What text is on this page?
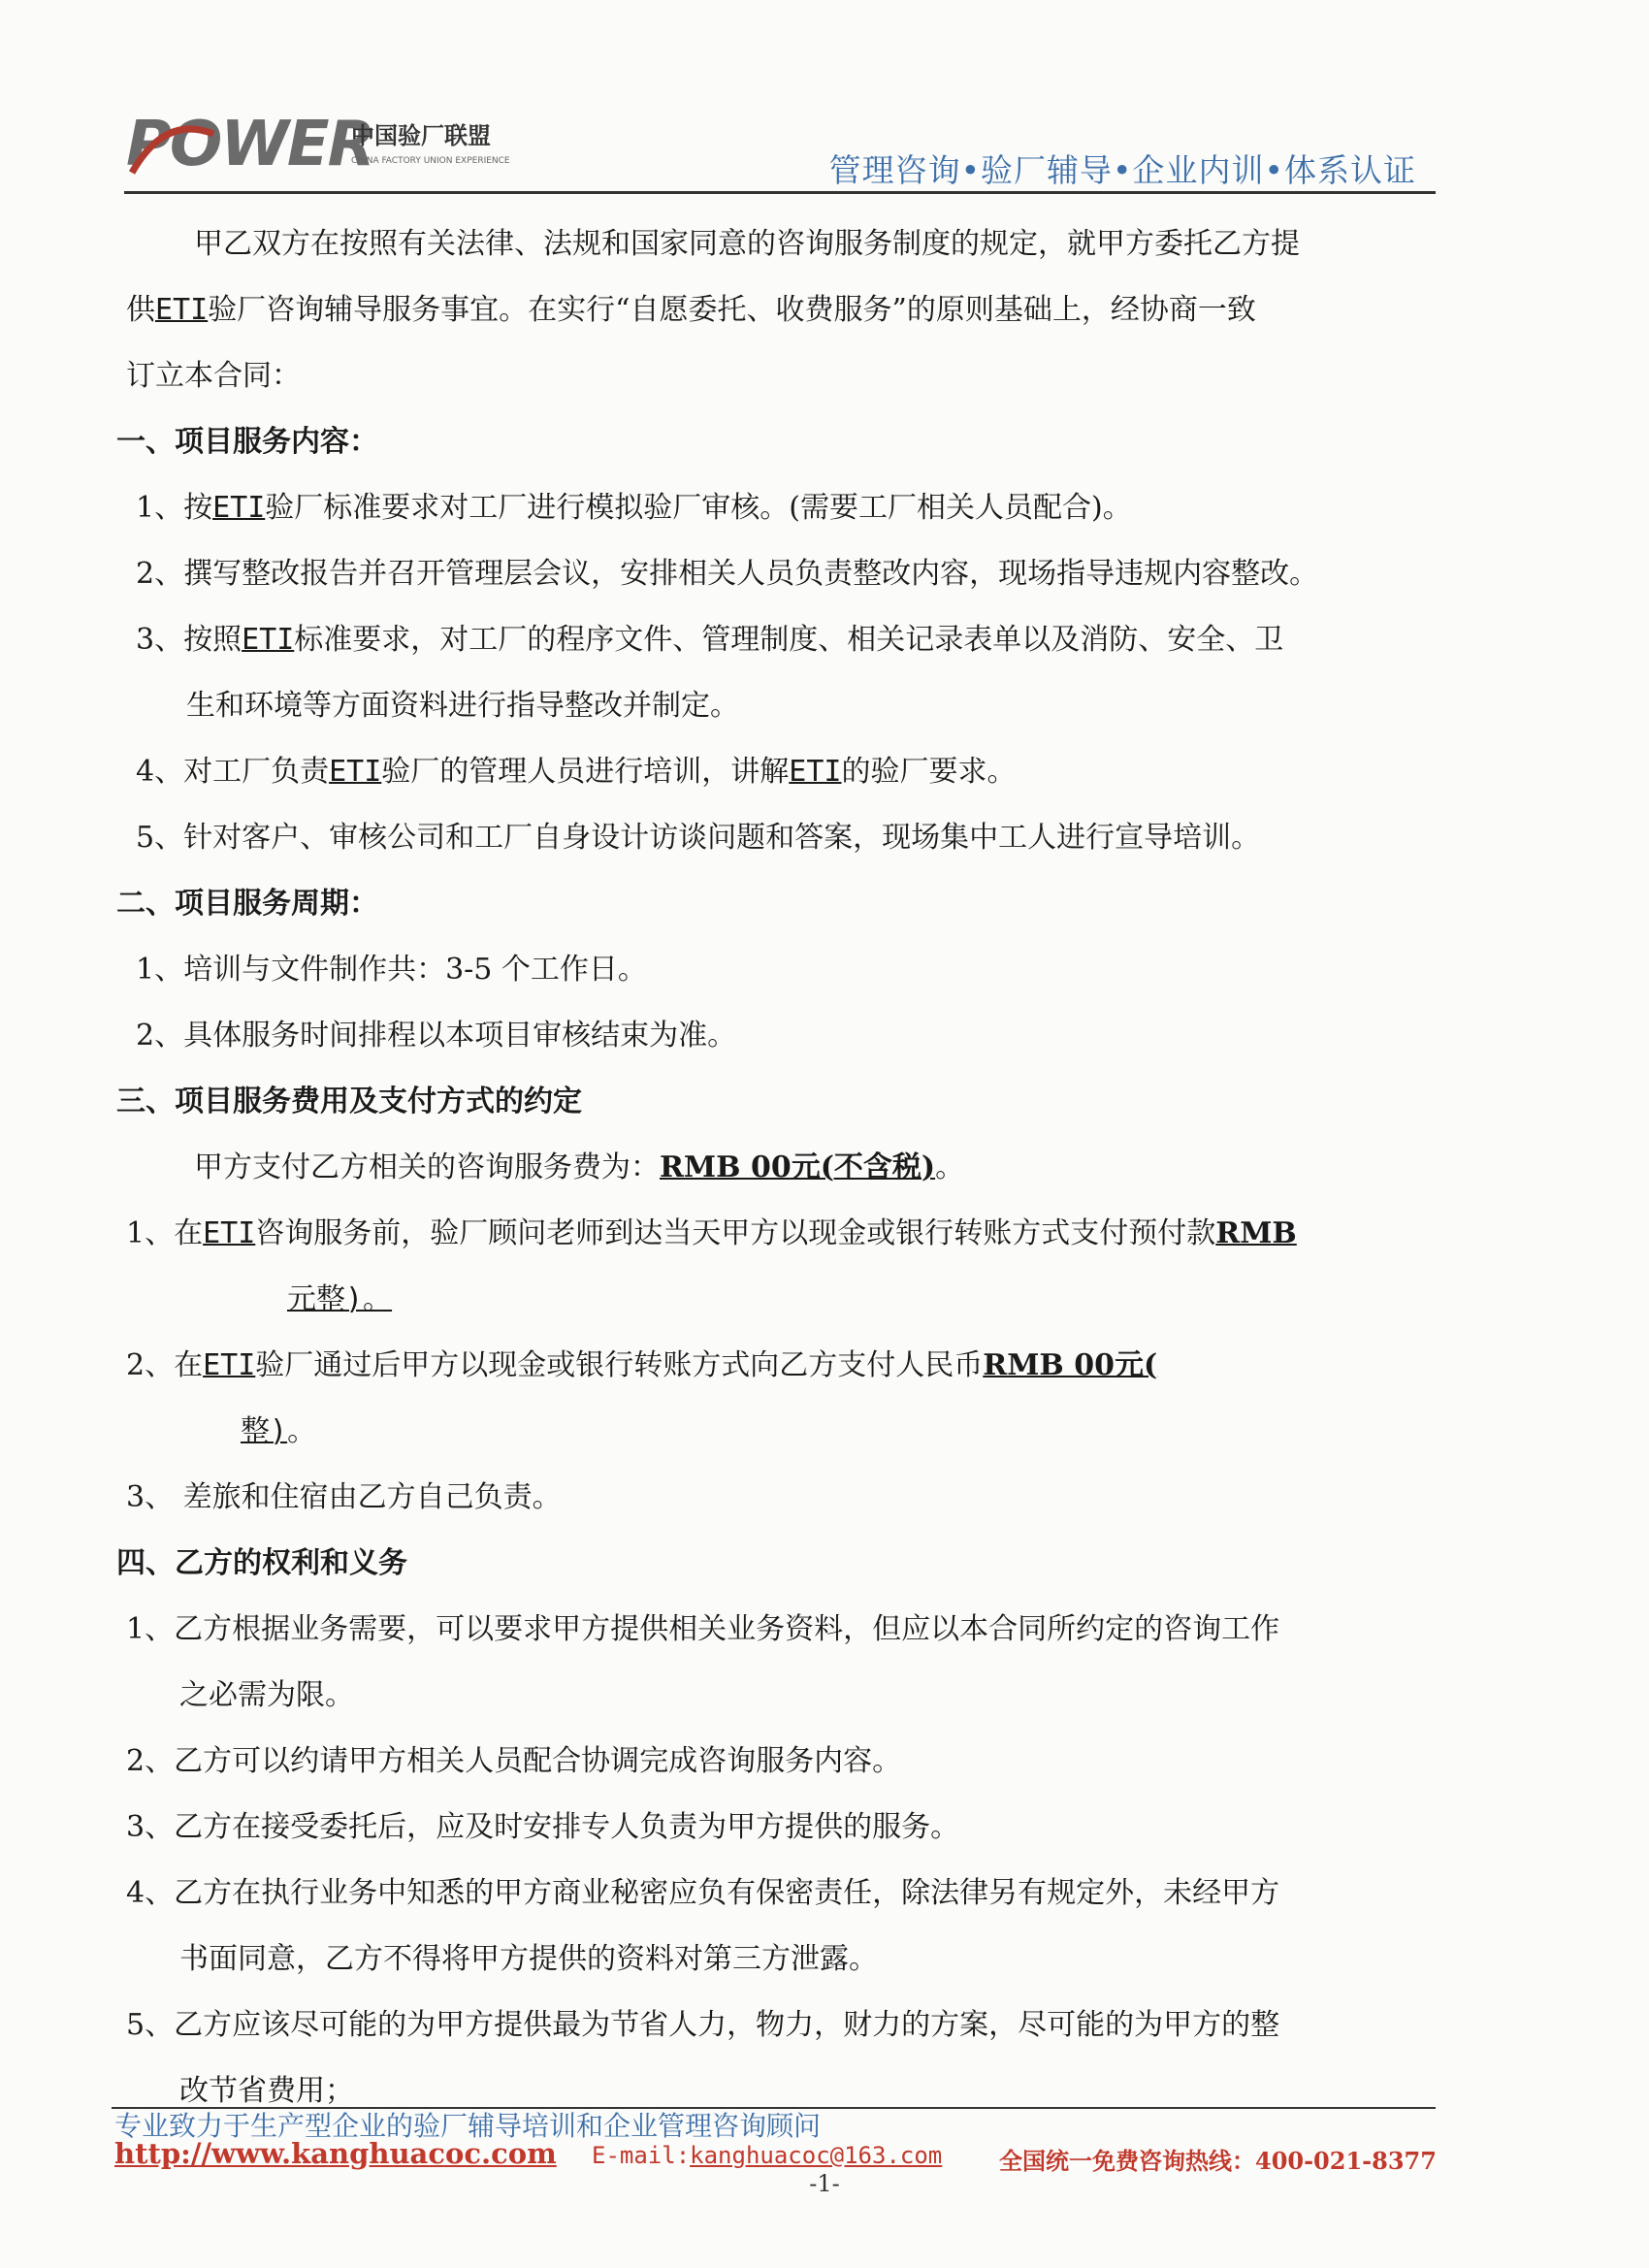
POWER
中国验厂联盟
CHINA FACTORY UNION EXPERIENCE	管理咨询•验厂辅导•企业内训•体系认证
甲乙双方在按照有关法律、法规和国家同意的咨询服务制度的规定，就甲方委托乙方提
供ETI验厂咨询辅导服务事宜。在实行“自愿委托、收费服务”的原则基础上，经协商一致
订立本合同：
一、项目服务内容：
1、按ETI验厂标准要求对工厂进行模拟验厂审核。(需要工厂相关人员配合)。
2、撰写整改报告并召开管理层会议，安排相关人员负责整改内容，现场指导违规内容整改。
3、按照ETI标准要求，对工厂的程序文件、管理制度、相关记录表单以及消防、安全、卫
生和环境等方面资料进行指导整改并制定。
4、对工厂负责ETI验厂的管理人员进行培训，讲解ETI的验厂要求。
5、针对客户、审核公司和工厂自身设计访谈问题和答案，现场集中工人进行宣导培训。
二、项目服务周期：
1、培训与文件制作共：3-5 个工作日。
2、具体服务时间排程以本项目审核结束为准。
三、项目服务费用及支付方式的约定
甲方支付乙方相关的咨询服务费为：RMB 00元(不含税)。
1、在ETI咨询服务前，验厂顾问老师到达当天甲方以现金或银行转账方式支付预付款RMB
元整)。
2、在ETI验厂通过后甲方以现金或银行转账方式向乙方支付人民币RMB 00元(
整)。
3、 差旅和住宿由乙方自己负责。
四、乙方的权利和义务
1、乙方根据业务需要，可以要求甲方提供相关业务资料，但应以本合同所约定的咨询工作
之必需为限。
2、乙方可以约请甲方相关人员配合协调完成咨询服务内容。
3、乙方在接受委托后，应及时安排专人负责为甲方提供的服务。
4、乙方在执行业务中知悉的甲方商业秘密应负有保密责任，除法律另有规定外，未经甲方
书面同意，乙方不得将甲方提供的资料对第三方泄露。
5、乙方应该尽可能的为甲方提供最为节省人力，物力，财力的方案，尽可能的为甲方的整
改节省费用；
专业致力于生产型企业的验厂辅导培训和企业管理咨询顾问
http://www.kanghuacoc.com E-mail:kanghuacoc@163.com 全国统一免费咨询热线：400-021-8377
-1-
